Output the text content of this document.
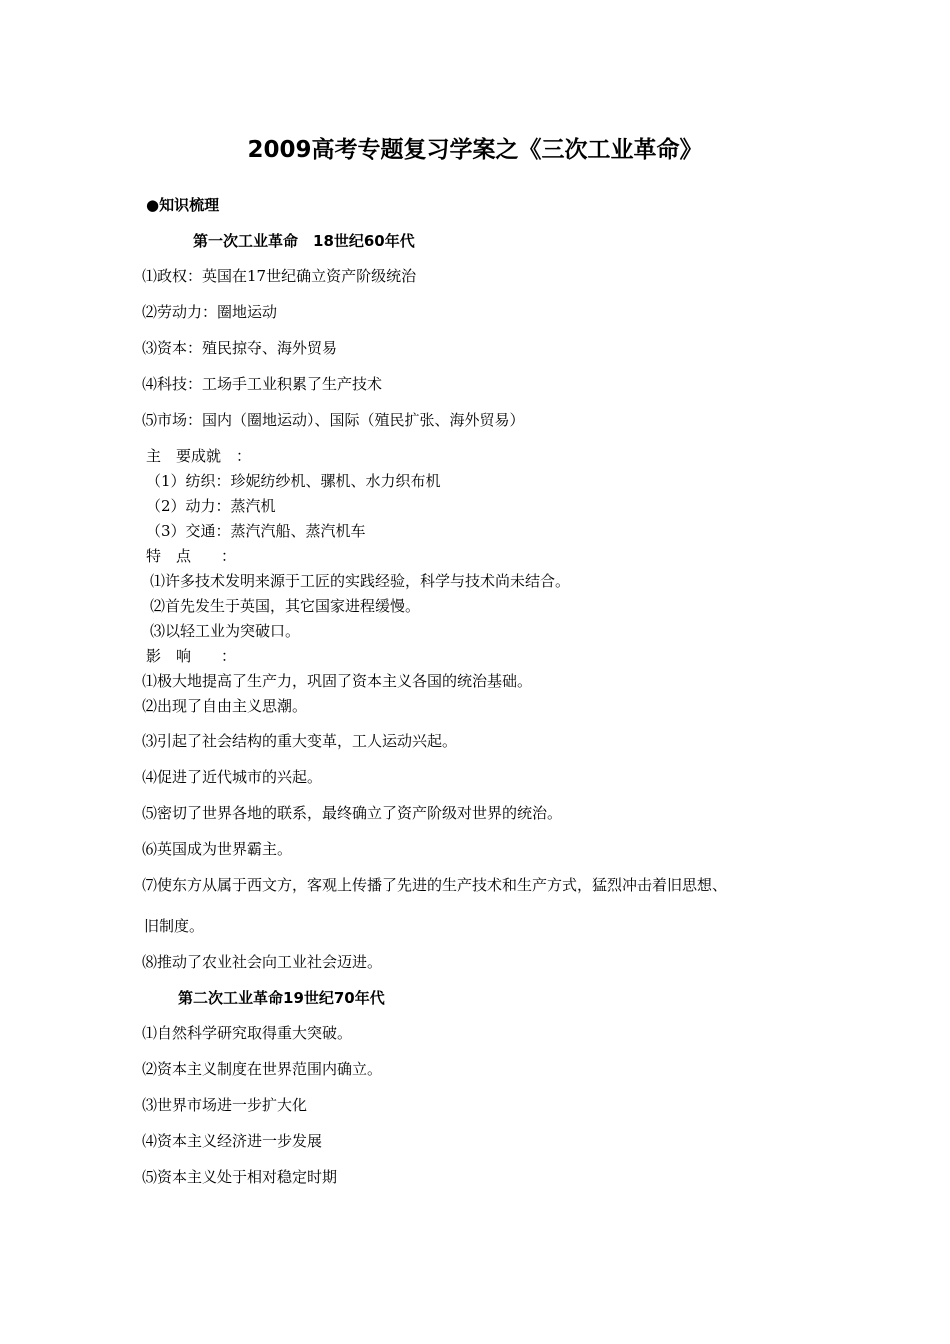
2009高考专题复习学案之《三次工业革命》
●知识梳理
第一次工业革命　18世纪60年代
⑴政权：英国在17世纪确立资产阶级统治
⑵劳动力：圈地运动
⑶资本：殖民掠夺、海外贸易
⑷科技：工场手工业积累了生产技术
⑸市场：国内（圈地运动）、国际（殖民扩张、海外贸易）
主　要成就　：
（1）纺织：珍妮纺纱机、骡机、水力织布机
（2）动力：蒸汽机
（3）交通：蒸汽汽船、蒸汽机车
特　点　　：
⑴许多技术发明来源于工匠的实践经验，科学与技术尚未结合。
⑵首先发生于英国，其它国家进程缓慢。
⑶以轻工业为突破口。
影　响　　：
⑴极大地提高了生产力，巩固了资本主义各国的统治基础。
⑵出现了自由主义思潮。
⑶引起了社会结构的重大变革，工人运动兴起。
⑷促进了近代城市的兴起。
⑸密切了世界各地的联系，最终确立了资产阶级对世界的统治。
⑹英国成为世界霸主。
⑺使东方从属于西文方，客观上传播了先进的生产技术和生产方式，猛烈冲击着旧思想、
旧制度。
⑻推动了农业社会向工业社会迈进。
第二次工业革命19世纪70年代
⑴自然科学研究取得重大突破。
⑵资本主义制度在世界范围内确立。
⑶世界市场进一步扩大化
⑷资本主义经济进一步发展
⑸资本主义处于相对稳定时期
